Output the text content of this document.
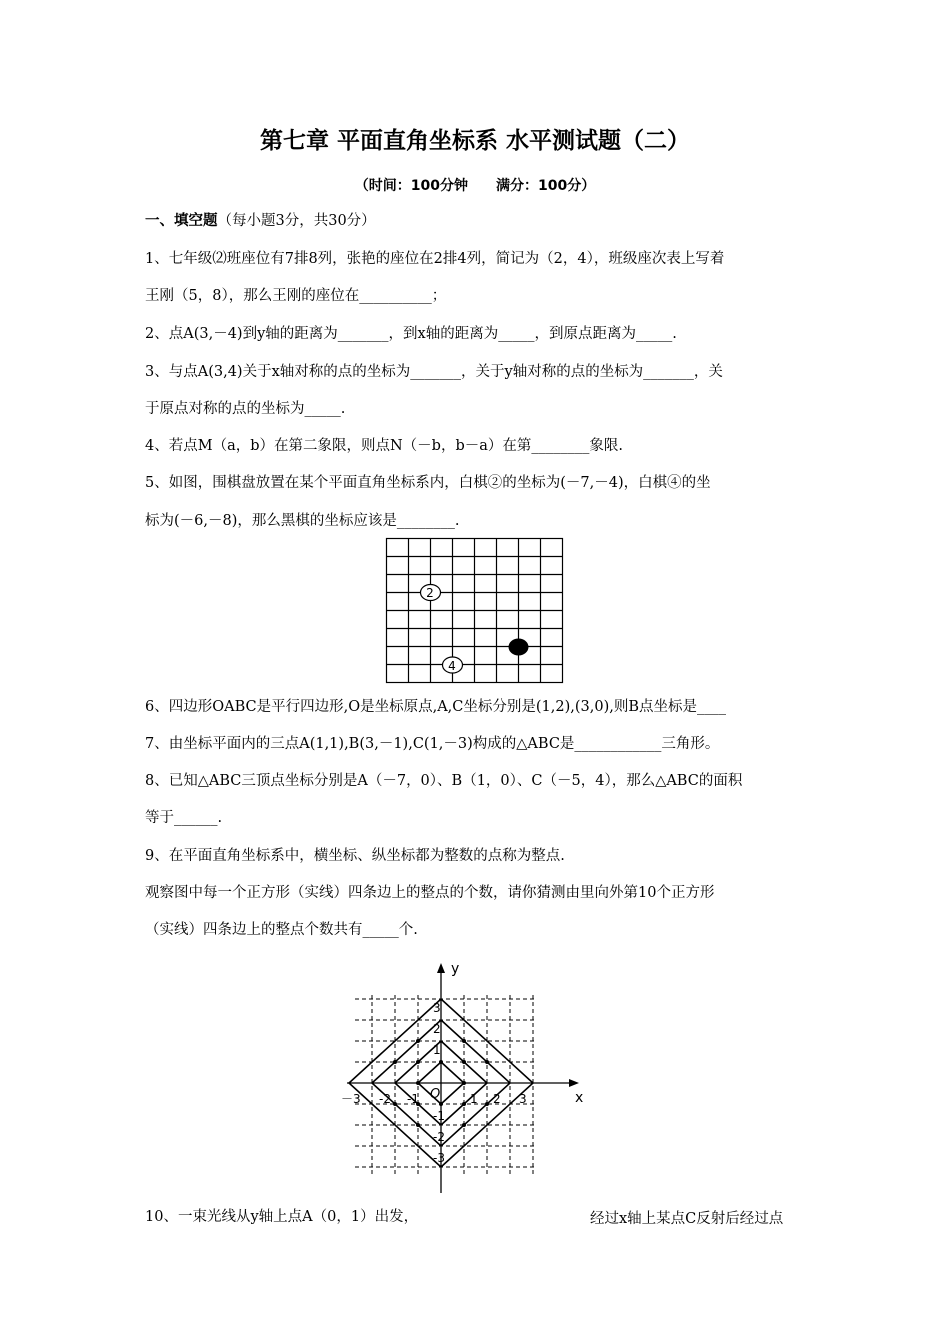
第七章 平面直角坐标系 水平测试题（二）
（时间：100分钟 满分：100分）
一、填空题（每小题3分，共30分）
1、七年级⑵班座位有7排8列，张艳的座位在2排4列，简记为（2，4），班级座次表上写着
王刚（5，8），那么王刚的座位在__________；
2、点A(3,－4)到y轴的距离为_______，到x轴的距离为_____，到原点距离为_____.
3、与点A(3,4)关于x轴对称的点的坐标为_______，关于y轴对称的点的坐标为_______，关
于原点对称的点的坐标为_____.
4、若点M（a，b）在第二象限，则点N（－b，b－a）在第________象限.
5、如图，围棋盘放置在某个平面直角坐标系内，白棋②的坐标为(－7,－4)，白棋④的坐
标为(－6,－8)，那么黑棋的坐标应该是________.
2
4
6、四边形OABC是平行四边形,O是坐标原点,A,C坐标分别是(1,2),(3,0),则B点坐标是____
7、由坐标平面内的三点A(1,1),B(3,－1),C(1,－3)构成的△ABC是____________三角形。
8、已知△ABC三顶点坐标分别是A（－7，0）、B（1，0）、C（－5，4），那么△ABC的面积
等于______.
9、在平面直角坐标系中，横坐标、纵坐标都为整数的点称为整点.
观察图中每一个正方形（实线）四条边上的整点的个数，请你猜测由里向外第10个正方形
（实线）四条边上的整点个数共有_____个.
x
y
O
－3 -2 -1	1 2 3
3
2
1
-1
-2
-3
10、一束光线从y轴上点A（0，1）出发，	经过x轴上某点C反射后经过点
